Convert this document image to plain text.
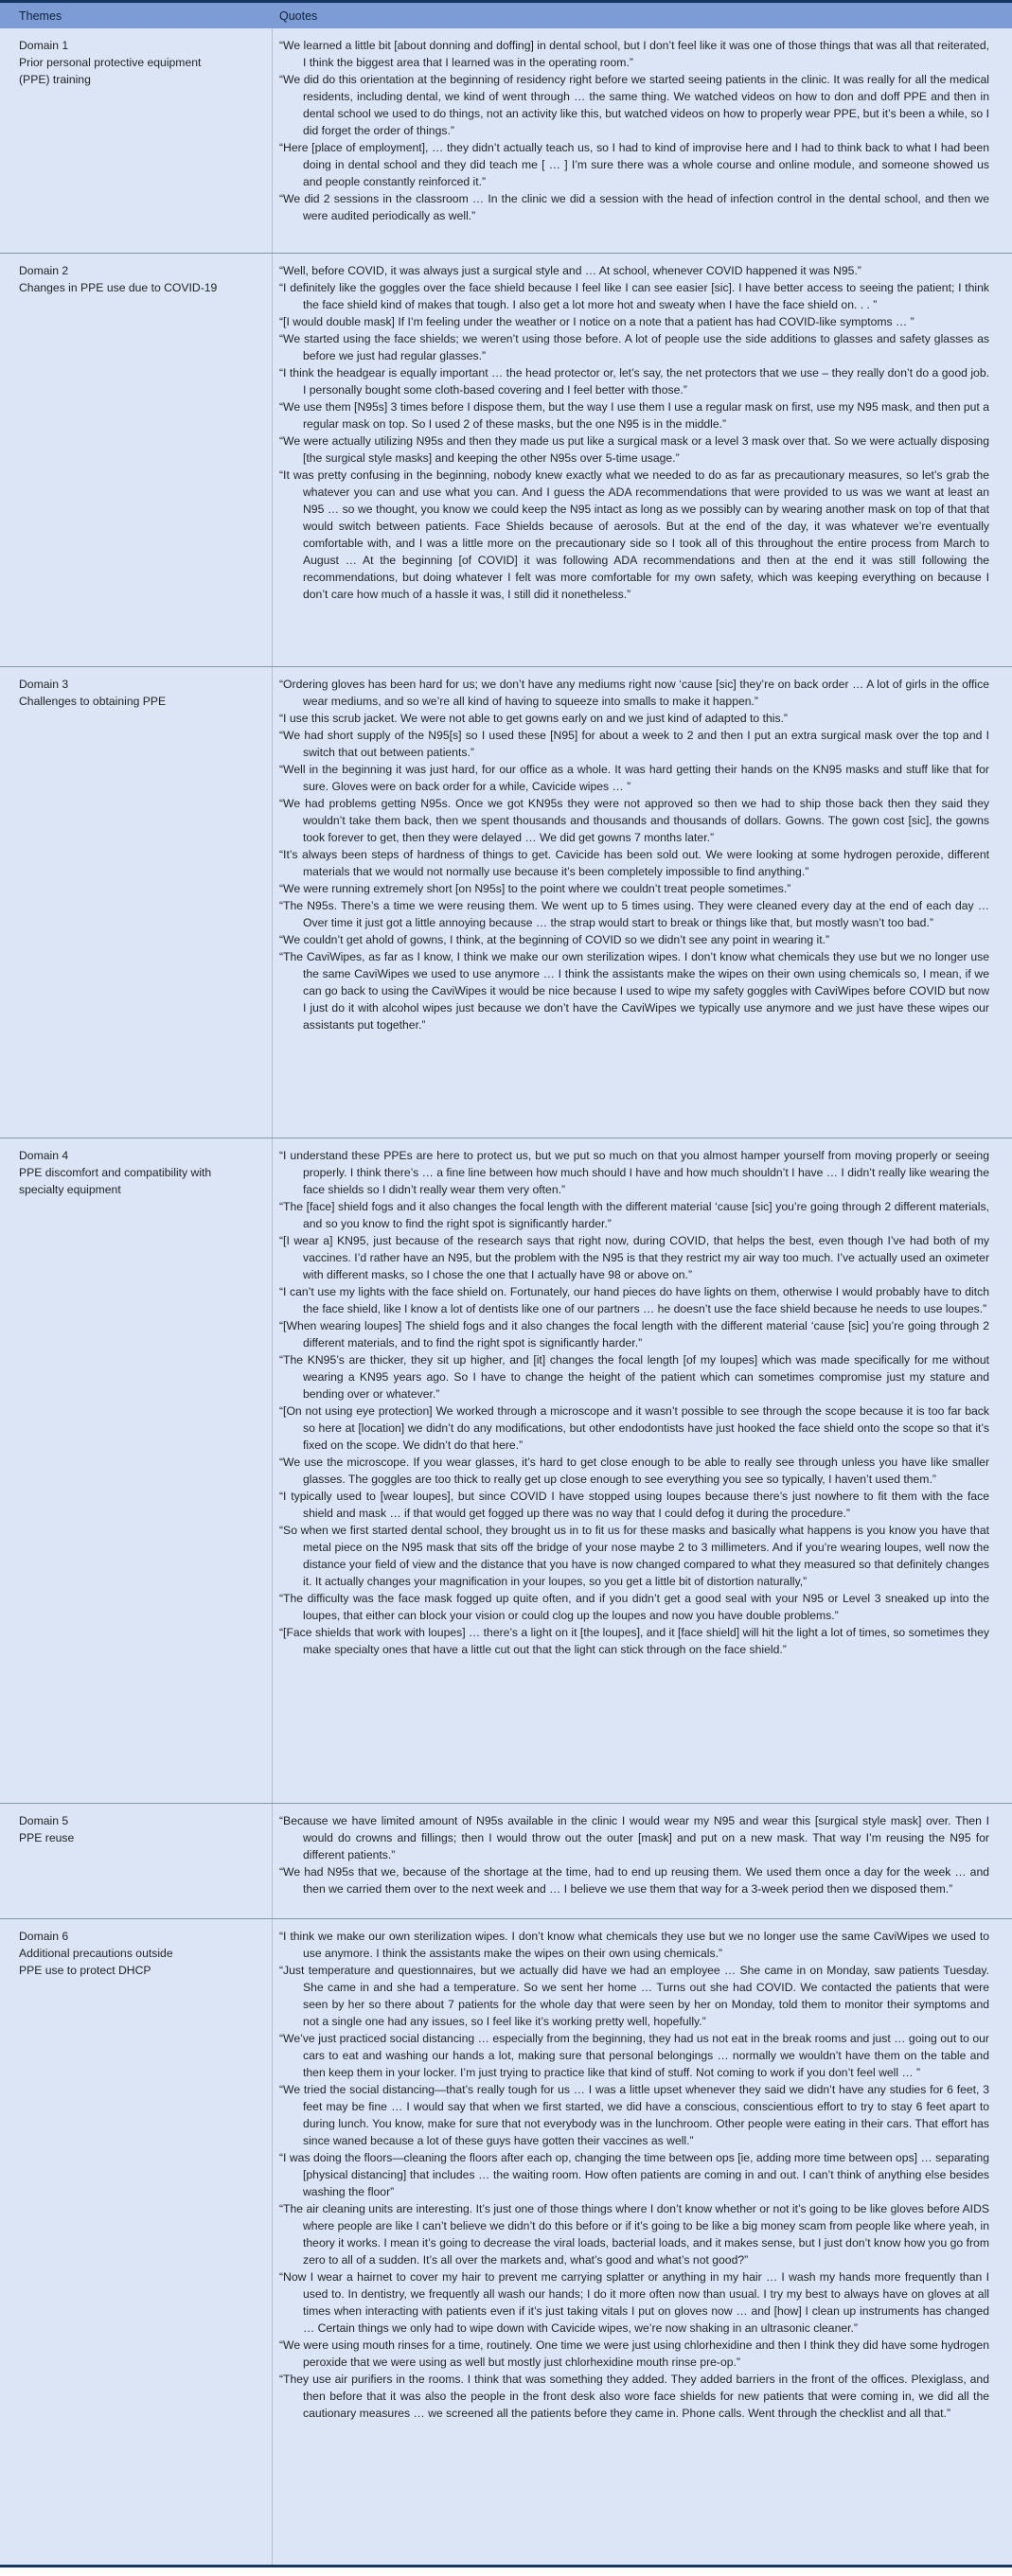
Themes	Quotes
Domain 1
Prior personal protective equipment
(PPE) training

“We learned a little bit [about donning and doffing] in dental school, but I don’t feel like it was one of those things that was all that reiterated, I think the biggest area that I learned was in the operating room.”

“We did do this orientation at the beginning of residency right before we started seeing patients in the clinic. It was really for all the medical residents, including dental, we kind of went through … the same thing. We watched videos on how to don and doff PPE and then in dental school we used to do things, not an activity like this, but watched videos on how to properly wear PPE, but it’s been a while, so I did forget the order of things.”

“Here [place of employment], … they didn’t actually teach us, so I had to kind of improvise here and I had to think back to what I had been doing in dental school and they did teach me [ … ] I’m sure there was a whole course and online module, and someone showed us and people constantly reinforced it.”

“We did 2 sessions in the classroom … In the clinic we did a session with the head of infection control in the dental school, and then we were audited periodically as well.”

Domain 2
Changes in PPE use due to COVID-19

“Well, before COVID, it was always just a surgical style and … At school, whenever COVID happened it was N95.”

“I definitely like the goggles over the face shield because I feel like I can see easier [sic]. I have better access to seeing the patient; I think the face shield kind of makes that tough. I also get a lot more hot and sweaty when I have the face shield on. . . ”

“[I would double mask] If I’m feeling under the weather or I notice on a note that a patient has had COVID-like symptoms … ”

“We started using the face shields; we weren’t using those before. A lot of people use the side additions to glasses and safety glasses as before we just had regular glasses.”

“I think the headgear is equally important … the head protector or, let’s say, the net protectors that we use – they really don’t do a good job. I personally bought some cloth-based covering and I feel better with those.”

“We use them [N95s] 3 times before I dispose them, but the way I use them I use a regular mask on first, use my N95 mask, and then put a regular mask on top. So I used 2 of these masks, but the one N95 is in the middle.”

“We were actually utilizing N95s and then they made us put like a surgical mask or a level 3 mask over that. So we were actually disposing [the surgical style masks] and keeping the other N95s over 5-time usage.”

“It was pretty confusing in the beginning, nobody knew exactly what we needed to do as far as precautionary measures, so let’s grab the whatever you can and use what you can. And I guess the ADA recommendations that were provided to us was we want at least an N95 … so we thought, you know we could keep the N95 intact as long as we possibly can by wearing another mask on top of that that would switch between patients. Face Shields because of aerosols. But at the end of the day, it was whatever we’re eventually comfortable with, and I was a little more on the precautionary side so I took all of this throughout the entire process from March to August … At the beginning [of COVID] it was following ADA recommendations and then at the end it was still following the recommendations, but doing whatever I felt was more comfortable for my own safety, which was keeping everything on because I don’t care how much of a hassle it was, I still did it nonetheless.”

Domain 3
Challenges to obtaining PPE

“Ordering gloves has been hard for us; we don’t have any mediums right now ‘cause [sic] they’re on back order … A lot of girls in the office wear mediums, and so we’re all kind of having to squeeze into smalls to make it happen.”

“I use this scrub jacket. We were not able to get gowns early on and we just kind of adapted to this.”

“We had short supply of the N95[s] so I used these [N95] for about a week to 2 and then I put an extra surgical mask over the top and I switch that out between patients.”

“Well in the beginning it was just hard, for our office as a whole. It was hard getting their hands on the KN95 masks and stuff like that for sure. Gloves were on back order for a while, Cavicide wipes … ”

“We had problems getting N95s. Once we got KN95s they were not approved so then we had to ship those back then they said they wouldn’t take them back, then we spent thousands and thousands and thousands of dollars. Gowns. The gown cost [sic], the gowns took forever to get, then they were delayed … We did get gowns 7 months later.”

“It’s always been steps of hardness of things to get. Cavicide has been sold out. We were looking at some hydrogen peroxide, different materials that we would not normally use because it’s been completely impossible to find anything.”

“We were running extremely short [on N95s] to the point where we couldn’t treat people sometimes.”

“The N95s. There’s a time we were reusing them. We went up to 5 times using. They were cleaned every day at the end of each day … Over time it just got a little annoying because … the strap would start to break or things like that, but mostly wasn’t too bad.”

“We couldn’t get ahold of gowns, I think, at the beginning of COVID so we didn’t see any point in wearing it.”

“The CaviWipes, as far as I know, I think we make our own sterilization wipes. I don’t know what chemicals they use but we no longer use the same CaviWipes we used to use anymore … I think the assistants make the wipes on their own using chemicals so, I mean, if we can go back to using the CaviWipes it would be nice because I used to wipe my safety goggles with CaviWipes before COVID but now I just do it with alcohol wipes just because we don’t have the CaviWipes we typically use anymore and we just have these wipes our assistants put together.”

Domain 4
PPE discomfort and compatibility with
specialty equipment

“I understand these PPEs are here to protect us, but we put so much on that you almost hamper yourself from moving properly or seeing properly. I think there’s … a fine line between how much should I have and how much shouldn’t I have … I didn’t really like wearing the face shields so I didn’t really wear them very often.”

“The [face] shield fogs and it also changes the focal length with the different material ‘cause [sic] you’re going through 2 different materials, and so you know to find the right spot is significantly harder.”

“[I wear a] KN95, just because of the research says that right now, during COVID, that helps the best, even though I’ve had both of my vaccines. I’d rather have an N95, but the problem with the N95 is that they restrict my air way too much. I’ve actually used an oximeter with different masks, so I chose the one that I actually have 98 or above on.”

“I can’t use my lights with the face shield on. Fortunately, our hand pieces do have lights on them, otherwise I would probably have to ditch the face shield, like I know a lot of dentists like one of our partners … he doesn’t use the face shield because he needs to use loupes.”

“[When wearing loupes] The shield fogs and it also changes the focal length with the different material ‘cause [sic] you’re going through 2 different materials, and to find the right spot is significantly harder.”

“The KN95’s are thicker, they sit up higher, and [it] changes the focal length [of my loupes] which was made specifically for me without wearing a KN95 years ago. So I have to change the height of the patient which can sometimes compromise just my stature and bending over or whatever.”

“[On not using eye protection] We worked through a microscope and it wasn’t possible to see through the scope because it is too far back so here at [location] we didn’t do any modifications, but other endodontists have just hooked the face shield onto the scope so that it’s fixed on the scope. We didn’t do that here.”

“We use the microscope. If you wear glasses, it’s hard to get close enough to be able to really see through unless you have like smaller glasses. The goggles are too thick to really get up close enough to see everything you see so typically, I haven’t used them.”

“I typically used to [wear loupes], but since COVID I have stopped using loupes because there’s just nowhere to fit them with the face shield and mask … if that would get fogged up there was no way that I could defog it during the procedure.”

“So when we first started dental school, they brought us in to fit us for these masks and basically what happens is you know you have that metal piece on the N95 mask that sits off the bridge of your nose maybe 2 to 3 millimeters. And if you’re wearing loupes, well now the distance your field of view and the distance that you have is now changed compared to what they measured so that definitely changes it. It actually changes your magnification in your loupes, so you get a little bit of distortion naturally,”

“The difficulty was the face mask fogged up quite often, and if you didn’t get a good seal with your N95 or Level 3 sneaked up into the loupes, that either can block your vision or could clog up the loupes and now you have double problems.”

“[Face shields that work with loupes] … there’s a light on it [the loupes], and it [face shield] will hit the light a lot of times, so sometimes they make specialty ones that have a little cut out that the light can stick through on the face shield.”

Domain 5
PPE reuse

“Because we have limited amount of N95s available in the clinic I would wear my N95 and wear this [surgical style mask] over. Then I would do crowns and fillings; then I would throw out the outer [mask] and put on a new mask. That way I’m reusing the N95 for different patients.”

“We had N95s that we, because of the shortage at the time, had to end up reusing them. We used them once a day for the week … and then we carried them over to the next week and … I believe we use them that way for a 3-week period then we disposed them.”

Domain 6
Additional precautions outside
PPE use to protect DHCP

“I think we make our own sterilization wipes. I don’t know what chemicals they use but we no longer use the same CaviWipes we used to use anymore. I think the assistants make the wipes on their own using chemicals.”

“Just temperature and questionnaires, but we actually did have we had an employee … She came in on Monday, saw patients Tuesday. She came in and she had a temperature. So we sent her home … Turns out she had COVID. We contacted the patients that were seen by her so there about 7 patients for the whole day that were seen by her on Monday, told them to monitor their symptoms and not a single one had any issues, so I feel like it’s working pretty well, hopefully.”

“We’ve just practiced social distancing … especially from the beginning, they had us not eat in the break rooms and just … going out to our cars to eat and washing our hands a lot, making sure that personal belongings … normally we wouldn’t have them on the table and then keep them in your locker. I’m just trying to practice like that kind of stuff. Not coming to work if you don’t feel well … ”

“We tried the social distancing—that’s really tough for us … I was a little upset whenever they said we didn’t have any studies for 6 feet, 3 feet may be fine … I would say that when we first started, we did have a conscious, conscientious effort to try to stay 6 feet apart to during lunch. You know, make for sure that not everybody was in the lunchroom. Other people were eating in their cars. That effort has since waned because a lot of these guys have gotten their vaccines as well.”

“I was doing the floors—cleaning the floors after each op, changing the time between ops [ie, adding more time between ops] … separating [physical distancing] that includes … the waiting room. How often patients are coming in and out. I can’t think of anything else besides washing the floor”

“The air cleaning units are interesting. It’s just one of those things where I don’t know whether or not it’s going to be like gloves before AIDS where people are like I can’t believe we didn’t do this before or if it’s going to be like a big money scam from people like where yeah, in theory it works. I mean it’s going to decrease the viral loads, bacterial loads, and it makes sense, but I just don’t know how you go from zero to all of a sudden. It’s all over the markets and, what’s good and what’s not good?”

“Now I wear a hairnet to cover my hair to prevent me carrying splatter or anything in my hair … I wash my hands more frequently than I used to. In dentistry, we frequently all wash our hands; I do it more often now than usual. I try my best to always have on gloves at all times when interacting with patients even if it’s just taking vitals I put on gloves now … and [how] I clean up instruments has changed … Certain things we only had to wipe down with Cavicide wipes, we’re now shaking in an ultrasonic cleaner.”

“We were using mouth rinses for a time, routinely. One time we were just using chlorhexidine and then I think they did have some hydrogen peroxide that we were using as well but mostly just chlorhexidine mouth rinse pre-op.”

“They use air purifiers in the rooms. I think that was something they added. They added barriers in the front of the offices. Plexiglass, and then before that it was also the people in the front desk also wore face shields for new patients that were coming in, we did all the cautionary measures … we screened all the patients before they came in. Phone calls. Went through the checklist and all that.”
